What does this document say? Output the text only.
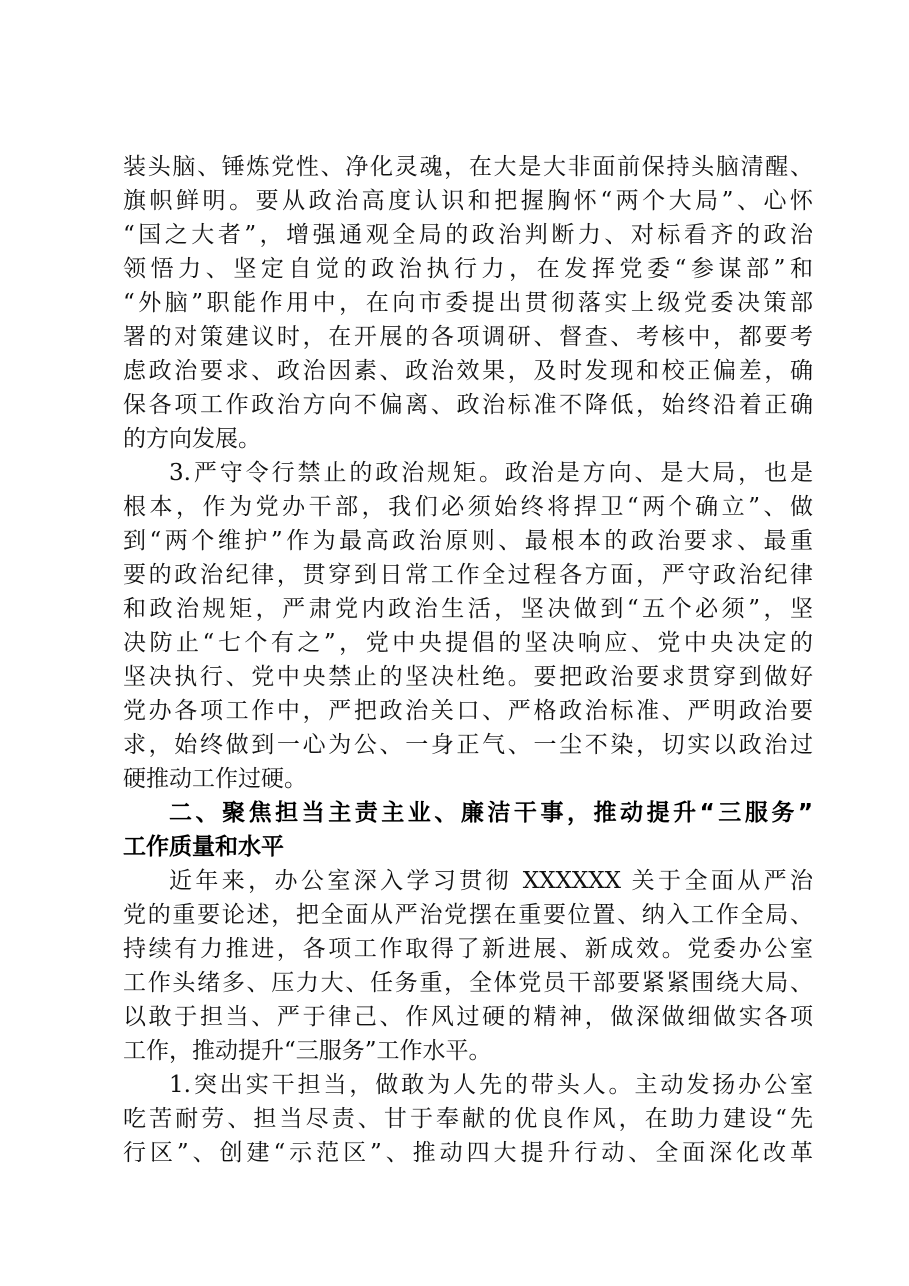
装头脑、锤炼党性、净化灵魂，在大是大非面前保持头脑清醒、
旗帜鲜明。要从政治高度认识和把握胸怀“两个大局”、心怀
“国之大者”，增强通观全局的政治判断力、对标看齐的政治
领悟力、坚定自觉的政治执行力，在发挥党委“参谋部”和
“外脑”职能作用中，在向市委提出贯彻落实上级党委决策部
署的对策建议时，在开展的各项调研、督查、考核中，都要考
虑政治要求、政治因素、政治效果，及时发现和校正偏差，确
保各项工作政治方向不偏离、政治标准不降低，始终沿着正确
的方向发展。
3.严守令行禁止的政治规矩。政治是方向、是大局，也是
根本，作为党办干部，我们必须始终将捍卫“两个确立”、做
到“两个维护”作为最高政治原则、最根本的政治要求、最重
要的政治纪律，贯穿到日常工作全过程各方面，严守政治纪律
和政治规矩，严肃党内政治生活，坚决做到“五个必须”，坚
决防止“七个有之”，党中央提倡的坚决响应、党中央决定的
坚决执行、党中央禁止的坚决杜绝。要把政治要求贯穿到做好
党办各项工作中，严把政治关口、严格政治标准、严明政治要
求，始终做到一心为公、一身正气、一尘不染，切实以政治过
硬推动工作过硬。
二、聚焦担当主责主业、廉洁干事，推动提升“三服务”
工作质量和水平
近年来，办公室深入学习贯彻 XXXXXX 关于全面从严治
党的重要论述，把全面从严治党摆在重要位置、纳入工作全局、
持续有力推进，各项工作取得了新进展、新成效。党委办公室
工作头绪多、压力大、任务重，全体党员干部要紧紧围绕大局、
以敢于担当、严于律己、作风过硬的精神，做深做细做实各项
工作，推动提升“三服务”工作水平。
1.突出实干担当，做敢为人先的带头人。主动发扬办公室
吃苦耐劳、担当尽责、甘于奉献的优良作风，在助力建设“先
行区”、创建“示范区”、推动四大提升行动、全面深化改革
